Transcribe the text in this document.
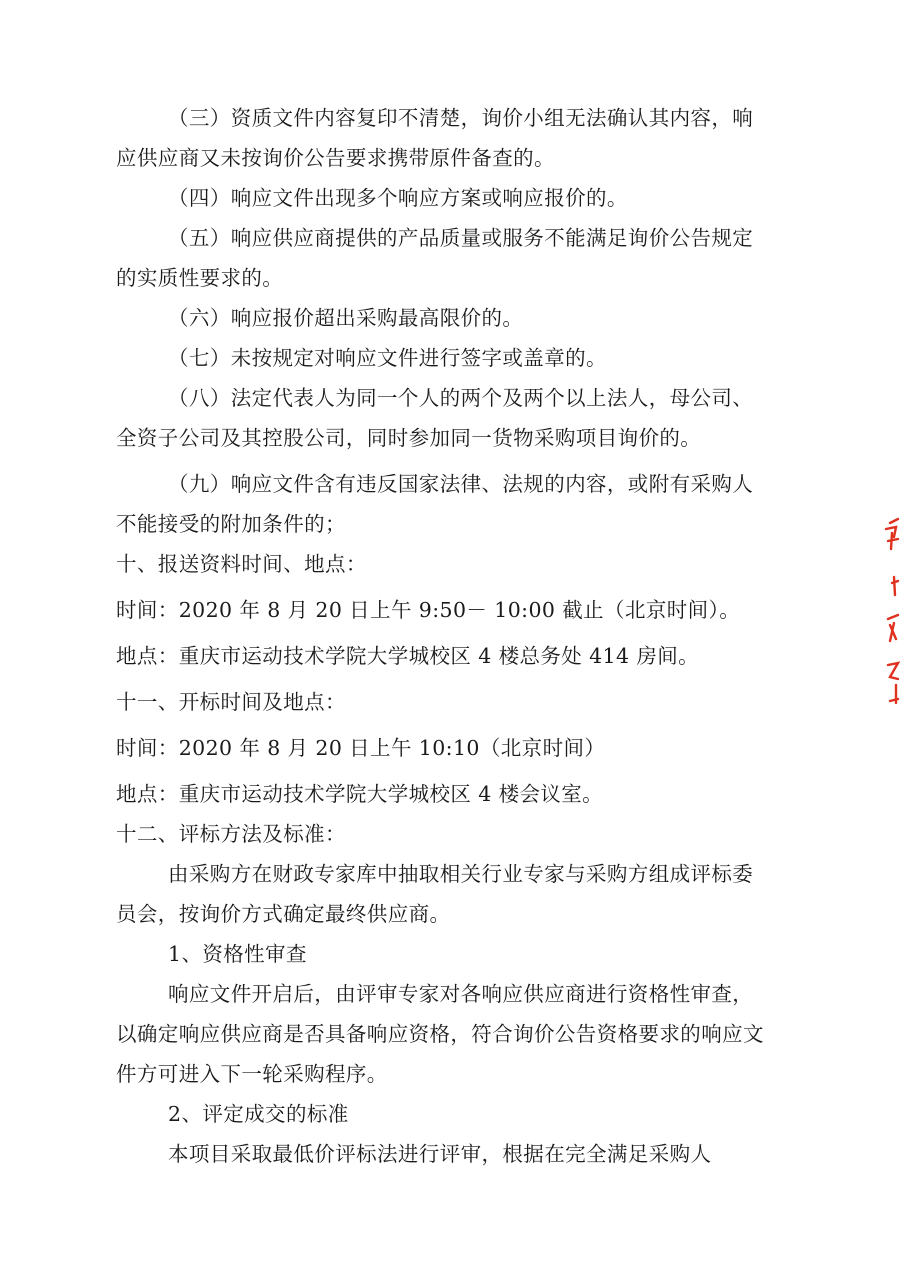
（三）资质文件内容复印不清楚，询价小组无法确认其内容，响应供应商又未按询价公告要求携带原件备查的。

（四）响应文件出现多个响应方案或响应报价的。

（五）响应供应商提供的产品质量或服务不能满足询价公告规定的实质性要求的。

（六）响应报价超出采购最高限价的。

（七）未按规定对响应文件进行签字或盖章的。

（八）法定代表人为同一个人的两个及两个以上法人，母公司、全资子公司及其控股公司，同时参加同一货物采购项目询价的。

（九）响应文件含有违反国家法律、法规的内容，或附有采购人不能接受的附加条件的；

十、报送资料时间、地点：

时间：2020 年 8 月 20 日上午 9:50－ 10:00 截止（北京时间）。

地点：重庆市运动技术学院大学城校区 4 楼总务处 414 房间。

十一、开标时间及地点：

时间：2020 年 8 月 20 日上午 10:10（北京时间）

地点：重庆市运动技术学院大学城校区 4 楼会议室。

十二、评标方法及标准：

由采购方在财政专家库中抽取相关行业专家与采购方组成评标委员会，按询价方式确定最终供应商。

1、资格性审查

响应文件开启后，由评审专家对各响应供应商进行资格性审查，以确定响应供应商是否具备响应资格，符合询价公告资格要求的响应文件方可进入下一轮采购程序。

2、评定成交的标准

本项目采取最低价评标法进行评审，根据在完全满足采购人
